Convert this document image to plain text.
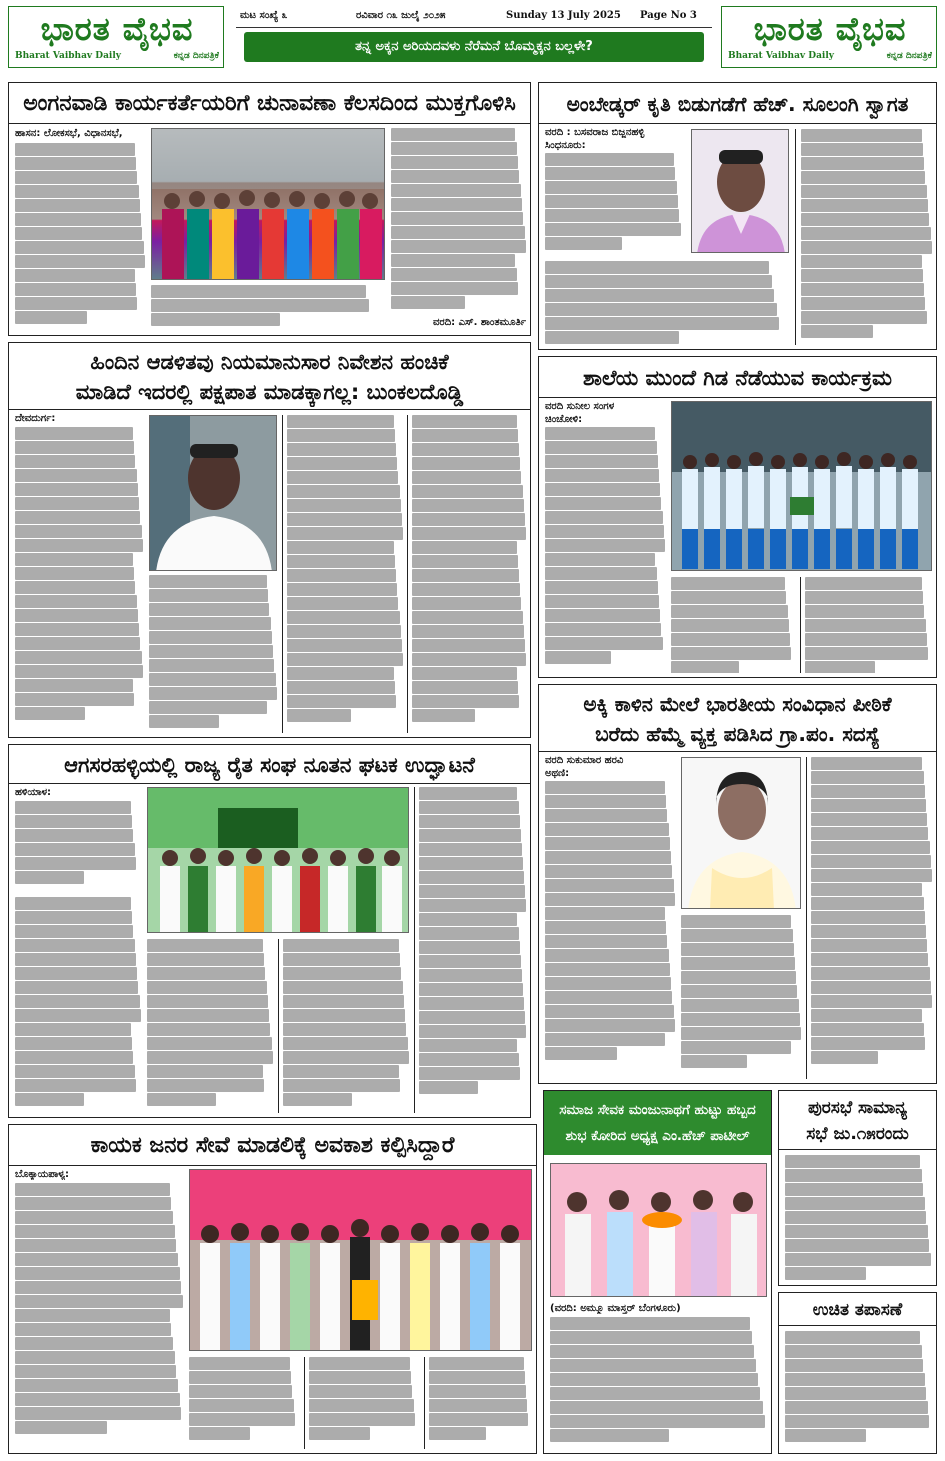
ಭಾರತ ವೈಭವ
Bharat Vaibhav Daily	ಕನ್ನಡ ದಿನಪತ್ರಿಕೆ
ಮಟ ಸಂಖ್ಯೆ ೩	ರವಿವಾರ ೧೩ ಜುಲೈ ೨೦೨೫	Sunday 13 July 2025 Page No 3
ತನ್ನ ಅಕ್ಕನ ಅರಿಯದವಳು ನೆರೆಮನೆ ಬೊಮ್ಮಕ್ಕನ ಬಲ್ಲಳೇ?	ಭಾರತ ವೈಭವ
Bharat Vaibhav Daily	ಕನ್ನಡ ದಿನಪತ್ರಿಕೆ
ಅಂಗನವಾಡಿ ಕಾರ್ಯಕರ್ತೆಯರಿಗೆ ಚುನಾವಣಾ ಕೆಲಸದಿಂದ ಮುಕ್ತಗೊಳಿಸಿ
ಹಾಸನ: ಲೋಕಸಭೆ, ವಿಧಾನಸಭೆ,
ವರದಿ: ಎಸ್. ಶಾಂತಮೂರ್ತಿ
ಅಂಬೇಡ್ಕರ್ ಕೃತಿ ಬಿಡುಗಡೆಗೆ ಹೆಚ್. ಸೂಲಂಗಿ ಸ್ವಾಗತ
ವರದಿ : ಬಸವರಾಜ ಬಿಜ್ಜನಹಳ್ಳಿ
ಸಿಂಧನೂರು:
ಹಿಂದಿನ ಆಡಳಿತವು ನಿಯಮಾನುಸಾರ ನಿವೇಶನ ಹಂಚಿಕೆ
ಮಾಡಿದೆ ಇದರಲ್ಲಿ ಪಕ್ಷಪಾತ ಮಾಡಕ್ಕಾಗಲ್ಲ: ಬುಂಕಲದೊಡ್ಡಿ
ದೇವದುರ್ಗ:
ಶಾಲೆಯ ಮುಂದೆ ಗಿಡ ನೆಡೆಯುವ ಕಾರ್ಯಕ್ರಮ
ವರದಿ ಸುನೀಲ ಸಂಗಳ
ಚಿಂಚೋಳಿ:
ಅಕ್ಕಿ ಕಾಳಿನ ಮೇಲೆ ಭಾರತೀಯ ಸಂವಿಧಾನ ಪೀಠಿಕೆ
ಬರೆದು ಹೆಮ್ಮೆ ವ್ಯಕ್ತ ಪಡಿಸಿದ ಗ್ರಾ.ಪಂ. ಸದಸ್ಯೆ
ವರದಿ ಸುಕುಮಾರ ಹರವಿ
ಅಥಣಿ:
ಆಗಸರಹಳ್ಳಿಯಲ್ಲಿ ರಾಜ್ಯ ರೈತ ಸಂಘ ನೂತನ ಘಟಕ ಉದ್ಘಾಟನೆ
ಹಳಿಯಾಳ:
ಸಮಾಜ ಸೇವಕ ಮಂಜುನಾಥಗೆ ಹುಟ್ಟು ಹಬ್ಬದ
ಶುಭ ಕೋರಿದ ಅಧ್ಯಕ್ಷ ಎಂ.ಹೆಚ್ ಪಾಟೀಲ್
(ವರದಿ: ಅಮ್ಮೂ ಮಾಸ್ತರ್ ಬೆಂಗಳೂರು)
ಪುರಸಭೆ ಸಾಮಾನ್ಯ
ಸಭೆ ಜು.೧೫ರಂದು
ಉಚಿತ ತಪಾಸಣೆ
ಕಾಯಕ ಜನರ ಸೇವೆ ಮಾಡಲಿಕ್ಕೆ ಅವಕಾಶ ಕಲ್ಪಿಸಿದ್ದಾರೆ
ಬೊಕ್ಕಾಯಪಾಳ್ಯ:
